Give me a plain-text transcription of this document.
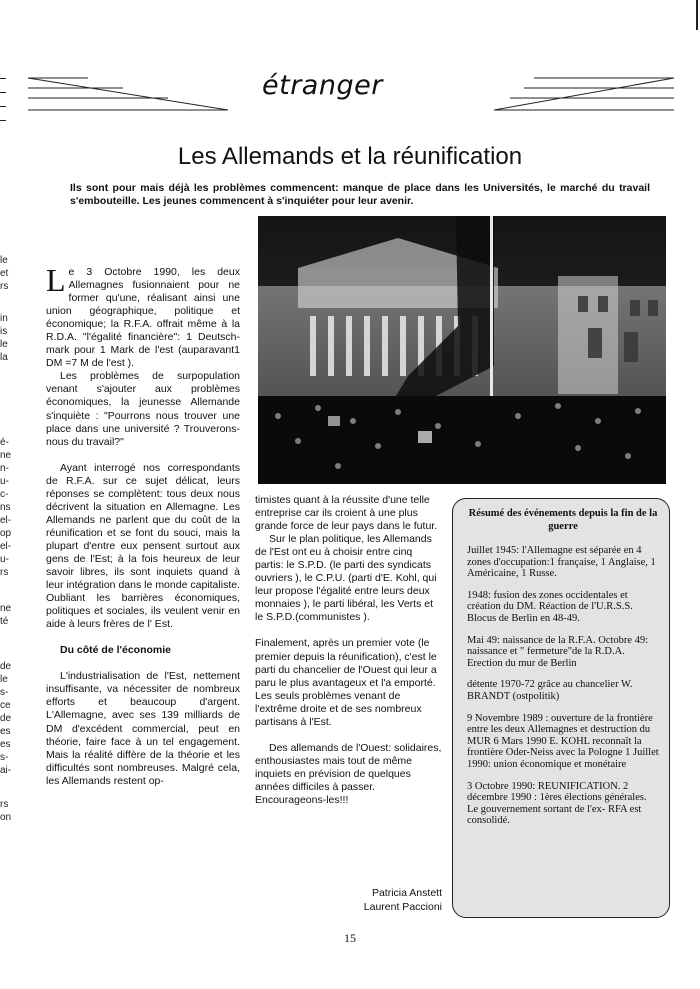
le
et
rs
in
is
le
la
é-
ne
n-
u-
c-
ns
el-
op
el-
u-
rs
ne
té
de
le
s-
ce
de
es
es
s-
ai-
rs
on
étranger
Les Allemands et la réunification
Ils sont pour mais déjà les problèmes commencent: manque de place dans les Universités, le marché du travail s'embouteille. Les jeunes commencent à s'inquiéter pour leur avenir.

Le 3 Octobre 1990, les deux Allemagnes fusionnaient pour ne former qu'une, réalisant ainsi une union géographique, politique et économique; la R.F.A. offrait même à la R.D.A. "l'égalité financière": 1 Deutsch-mark pour 1 Mark de l'est (auparavant1 DM =7 M de l'est ).

Les problèmes de surpopulation venant s'ajouter aux problèmes économiques, la jeunesse Allemande s'inquiète : "Pourrons nous trouver une place dans une université ? Trouverons-nous du travail?"

Ayant interrogé nos correspondants de R.F.A. sur ce sujet délicat, leurs réponses se complètent: tous deux nous décrivent la situation en Allemagne. Les Allemands ne parlent que du coût de la réunification et se font du souci, mais la plupart d'entre eux pensent surtout aux gens de l'Est; à la fois heureux de leur savoir libres, ils sont inquiets quand à leur intégration dans le monde capitaliste. Oubliant les barrières économiques, politiques et sociales, ils veulent venir en aide à leurs frères de l' Est.

Du côté de l'économie

L'industrialisation de l'Est, nettement insuffisante, va nécessiter de nombreux efforts et beaucoup d'argent. L'Allemagne, avec ses 139 milliards de DM d'excédent commercial, peut en théorie, faire face à un tel engagement. Mais la réalité diffère de la théorie et les difficultés sont nombreuses. Malgré cela, les Allemands restent op-

timistes quant à la réussite d'une telle entreprise car ils croient à une plus grande force de leur pays dans le futur.

Sur le plan politique, les Allemands de l'Est ont eu à choisir entre cinq partis: le S.P.D. (le parti des syndicats ouvriers ), le C.P.U. (parti d'E. Kohl, qui leur propose l'égalité entre leurs deux monnaies ), le parti libéral, les Verts et le S.P.D.(communistes ).

Finalement, après un premier vote (le premier depuis la réunification), c'est le parti du chancelier de l'Ouest qui leur a paru le plus avantageux et l'a emporté. Les seuls problèmes venant de l'extrême droite et de ses nombreux partisans à l'Est.

Des allemands de l'Ouest: solidaires, enthousiastes mais tout de même inquiets en prévision de quelques années difficiles à passer. Encourageons-les!!!

Patricia Anstett
Laurent Paccioni
Résumé des événements depuis la fin de la guerre
Juillet 1945: l'Allemagne est séparée en 4 zones d'occupation:1 française, 1 Anglaise, 1 Américaine, 1 Russe.
1948: fusion des zones occidentales et création du DM. Réaction de l'U.R.S.S. Blocus de Berlin en 48-49.
Mai 49: naissance de la R.F.A. Octobre 49: naissance et " fermeture"de la R.D.A. Erection du mur de Berlin
détente 1970-72 grâce au chancelier W. BRANDT (ostpolitik)
9 Novembre 1989 : ouverture de la frontière entre les deux Allemagnes et destruction du MUR 6 Mars 1990 E. KOHL reconnaît la frontière Oder-Neiss avec la Pologne 1 Juillet 1990: union économique et monétaire
3 Octobre 1990: REUNIFICATION. 2 décembre 1990 : 1ères élections générales. Le gouvernement sortant de l'ex- RFA est consolidé.
15
